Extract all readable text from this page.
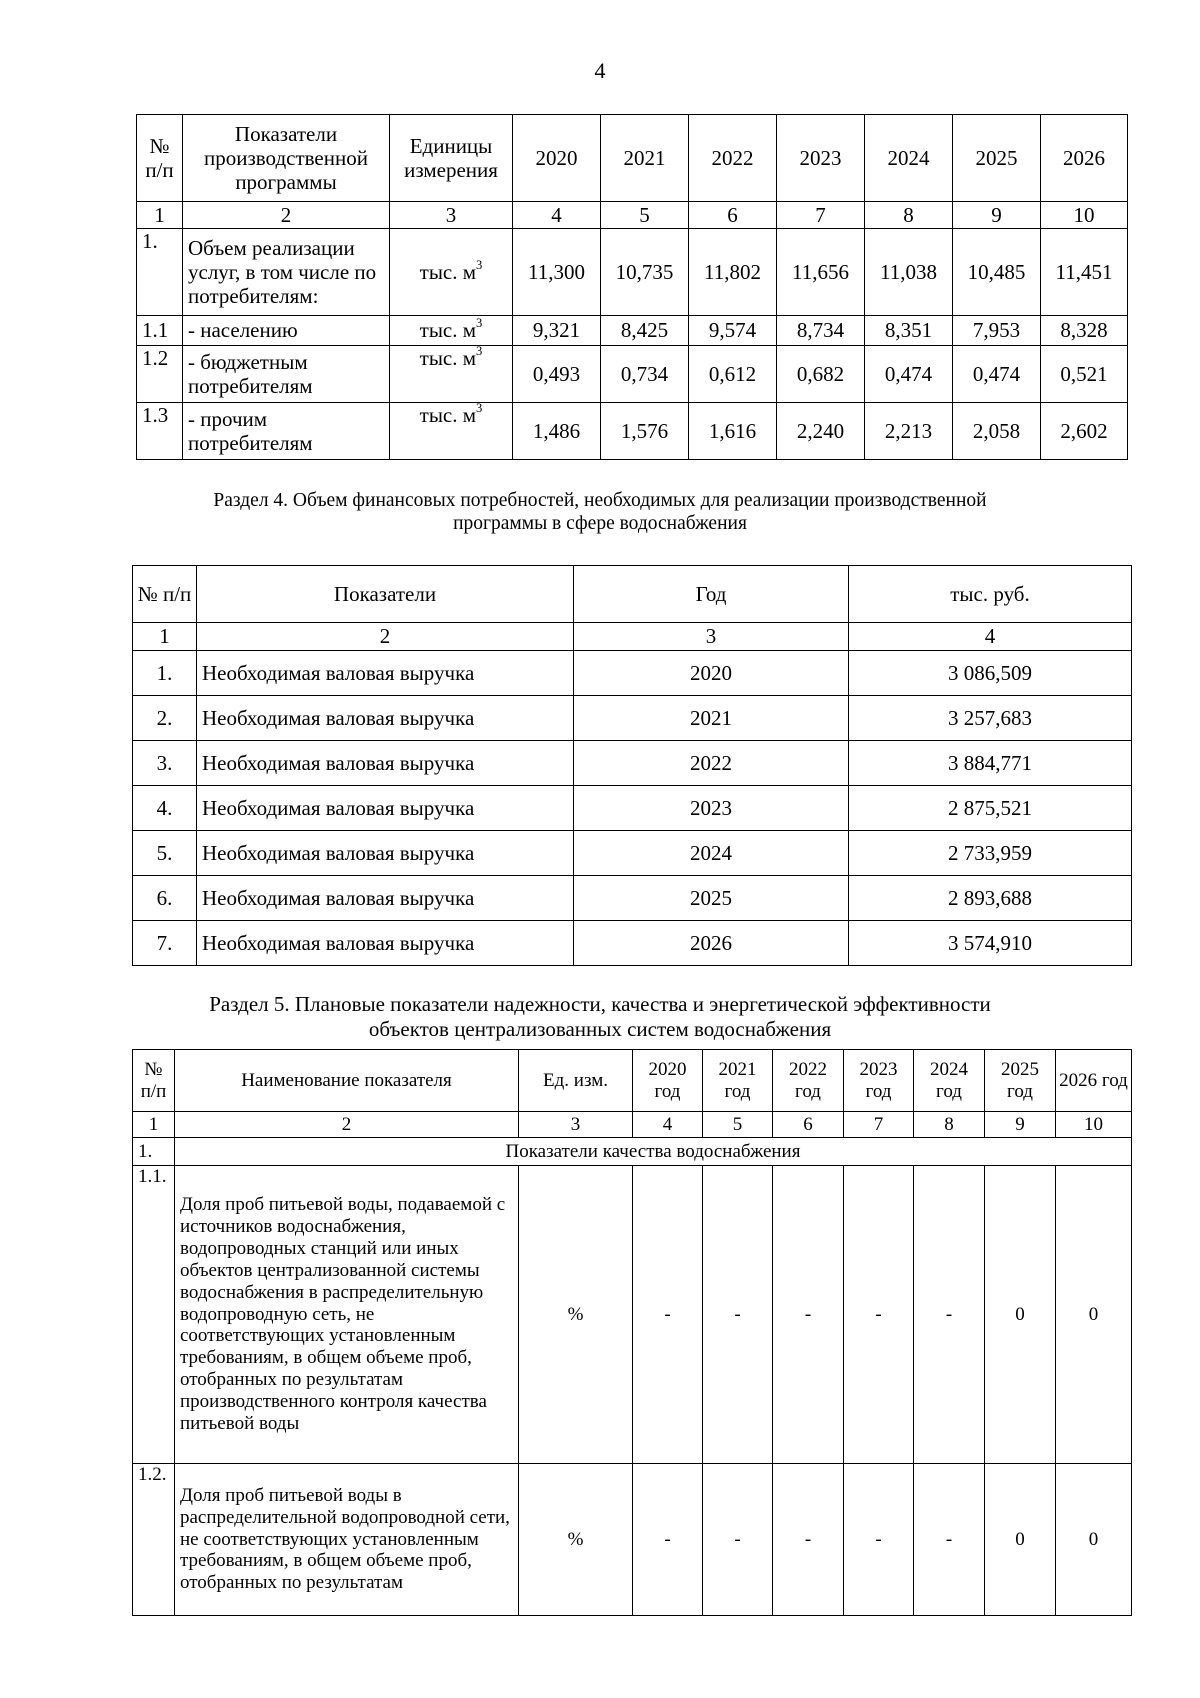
4
№ п/п	Показатели производственной программы	Единицы измерения	2020	2021	2022	2023	2024	2025	2026
1	2	3	4	5	6	7	8	9	10
1.	Объем реализации услуг, в том числе по потребителям:	тыс. $м^3$	11,300	10,735	11,802	11,656	11,038	10,485	11,451
1.1	- населению	тыс. $м^3$	9,321	8,425	9,574	8,734	8,351	7,953	8,328
1.2	- бюджетным потребителям	тыс. $м^3$	0,493	0,734	0,612	0,682	0,474	0,474	0,521
1.3	- прочим потребителям	тыс. $м^3$	1,486	1,576	1,616	2,240	2,213	2,058	2,602
Раздел 4. Объем финансовых потребностей, необходимых для реализации производственной
программы в сфере водоснабжения
№ п/п	Показатели	Год	тыс. руб.
1	2	3	4
1.	Необходимая валовая выручка	2020	3 086,509
2.	Необходимая валовая выручка	2021	3 257,683
3.	Необходимая валовая выручка	2022	3 884,771
4.	Необходимая валовая выручка	2023	2 875,521
5.	Необходимая валовая выручка	2024	2 733,959
6.	Необходимая валовая выручка	2025	2 893,688
7.	Необходимая валовая выручка	2026	3 574,910
Раздел 5. Плановые показатели надежности, качества и энергетической эффективности
объектов централизованных систем водоснабжения
№ п/п	Наименование показателя	Ед. изм.	2020 год	2021 год	2022 год	2023 год	2024 год	2025 год	2026 год
1	2	3	4	5	6	7	8	9	10
1.	Показатели качества водоснабжения								
1.1.	Доля проб питьевой воды, подаваемой с источников водоснабжения, водопроводных станций или иных объектов централизованной системы водоснабжения в распределительную водопроводную сеть, не соответствующих установленным требованиям, в общем объеме проб, отобранных по результатам производственного контроля качества питьевой воды	%	-	-	-	-	-	0	0
1.2.	Доля проб питьевой воды в распределительной водопроводной сети, не соответствующих установленным требованиям, в общем объеме проб, отобранных по результатам	%	-	-	-	-	-	0	0
